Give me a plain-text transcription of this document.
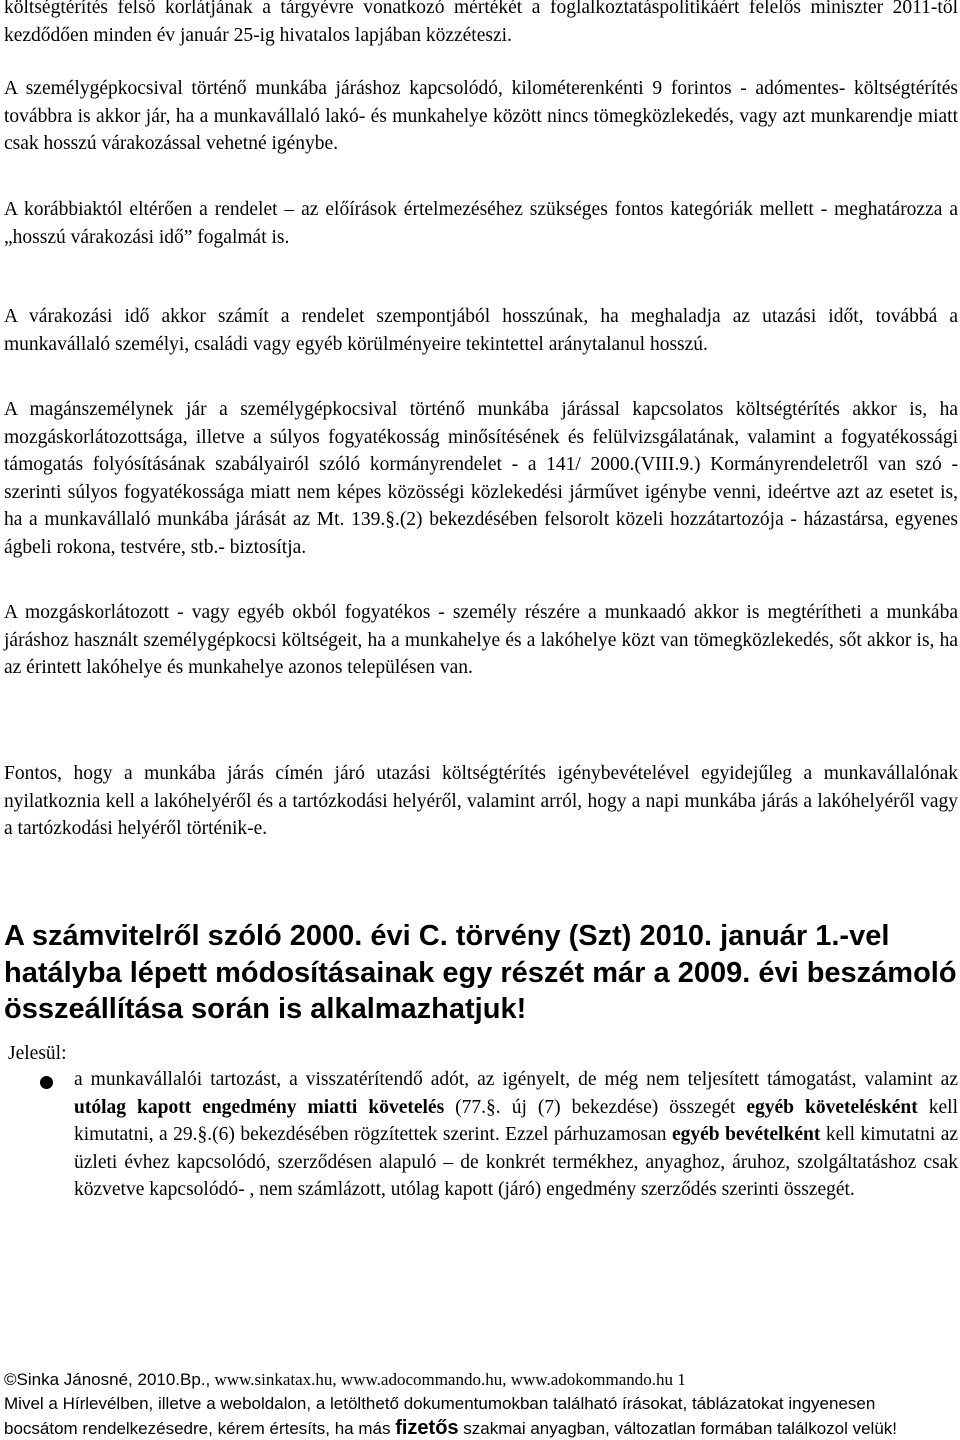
költségtérítés felső korlátjának a tárgyévre vonatkozó mértékét a foglalkoztatáspolitikáért felelős miniszter 2011-től kezdődően minden év január 25-ig hivatalos lapjában közzéteszi.

A személygépkocsival történő munkába járáshoz kapcsolódó, kilométerenkénti 9 forintos - adómentes- költségtérítés továbbra is akkor jár, ha a munkavállaló lakó- és munkahelye között nincs tömegközlekedés, vagy azt munkarendje miatt csak hosszú várakozással vehetné igénybe.

A korábbiaktól eltérően a rendelet – az előírások értelmezéséhez szükséges fontos kategóriák mellett - meghatározza a „hosszú várakozási idő” fogalmát is.

A várakozási idő akkor számít a rendelet szempontjából hosszúnak, ha meghaladja az utazási időt, továbbá a munkavállaló személyi, családi vagy egyéb körülményeire tekintettel aránytalanul hosszú.

A magánszemélynek jár a személygépkocsival történő munkába járással kapcsolatos költségtérítés akkor is, ha mozgáskorlátozottsága, illetve a súlyos fogyatékosság minősítésének és felülvizsgálatának, valamint a fogyatékossági támogatás folyósításának szabályairól szóló kormányrendelet - a 141/ 2000.(VIII.9.) Kormányrendeletről van szó - szerinti súlyos fogyatékossága miatt nem képes közösségi közlekedési járművet igénybe venni, ideértve azt az esetet is, ha a munkavállaló munkába járását az Mt. 139.§.(2) bekezdésében felsorolt közeli hozzátartozója - házastársa, egyenes ágbeli rokona, testvére, stb.- biztosítja.

A mozgáskorlátozott - vagy egyéb okból fogyatékos - személy részére a munkaadó akkor is megtérítheti a munkába járáshoz használt személygépkocsi költségeit, ha a munkahelye és a lakóhelye közt van tömegközlekedés, sőt akkor is, ha az érintett lakóhelye és munkahelye azonos településen van.

Fontos, hogy a munkába járás címén járó utazási költségtérítés igénybevételével egyidejűleg a munkavállalónak nyilatkoznia kell a lakóhelyéről és a tartózkodási helyéről, valamint arról, hogy a napi munkába járás a lakóhelyéről vagy a tartózkodási helyéről történik-e.

A számvitelről szóló 2000. évi C. törvény (Szt) 2010. január 1.-vel hatályba lépett módosításainak egy részét már a 2009. évi beszámoló összeállítása során is alkalmazhatjuk!
Jelesül:

a munkavállalói tartozást, a visszatérítendő adót, az igényelt, de még nem teljesített támogatást, valamint az utólag kapott engedmény miatti követelés (77.§. új (7) bekezdése) összegét egyéb követelésként kell kimutatni, a 29.§.(6) bekezdésében rögzítettek szerint. Ezzel párhuzamosan egyéb bevételként kell kimutatni az üzleti évhez kapcsolódó, szerződésen alapuló – de konkrét termékhez, anyaghoz, áruhoz, szolgáltatáshoz csak közvetve kapcsolódó- , nem számlázott, utólag kapott (járó) engedmény szerződés szerinti összegét.

©Sinka Jánosné, 2010.Bp., www.sinkatax.hu, www.adocommando.hu, www.adokommando.hu 1
Mivel a Hírlevélben, illetve a weboldalon, a letölthető dokumentumokban található írásokat, táblázatokat ingyenesen
bocsátom rendelkezésedre, kérem értesíts, ha más fizetős szakmai anyagban, változatlan formában találkozol velük!
